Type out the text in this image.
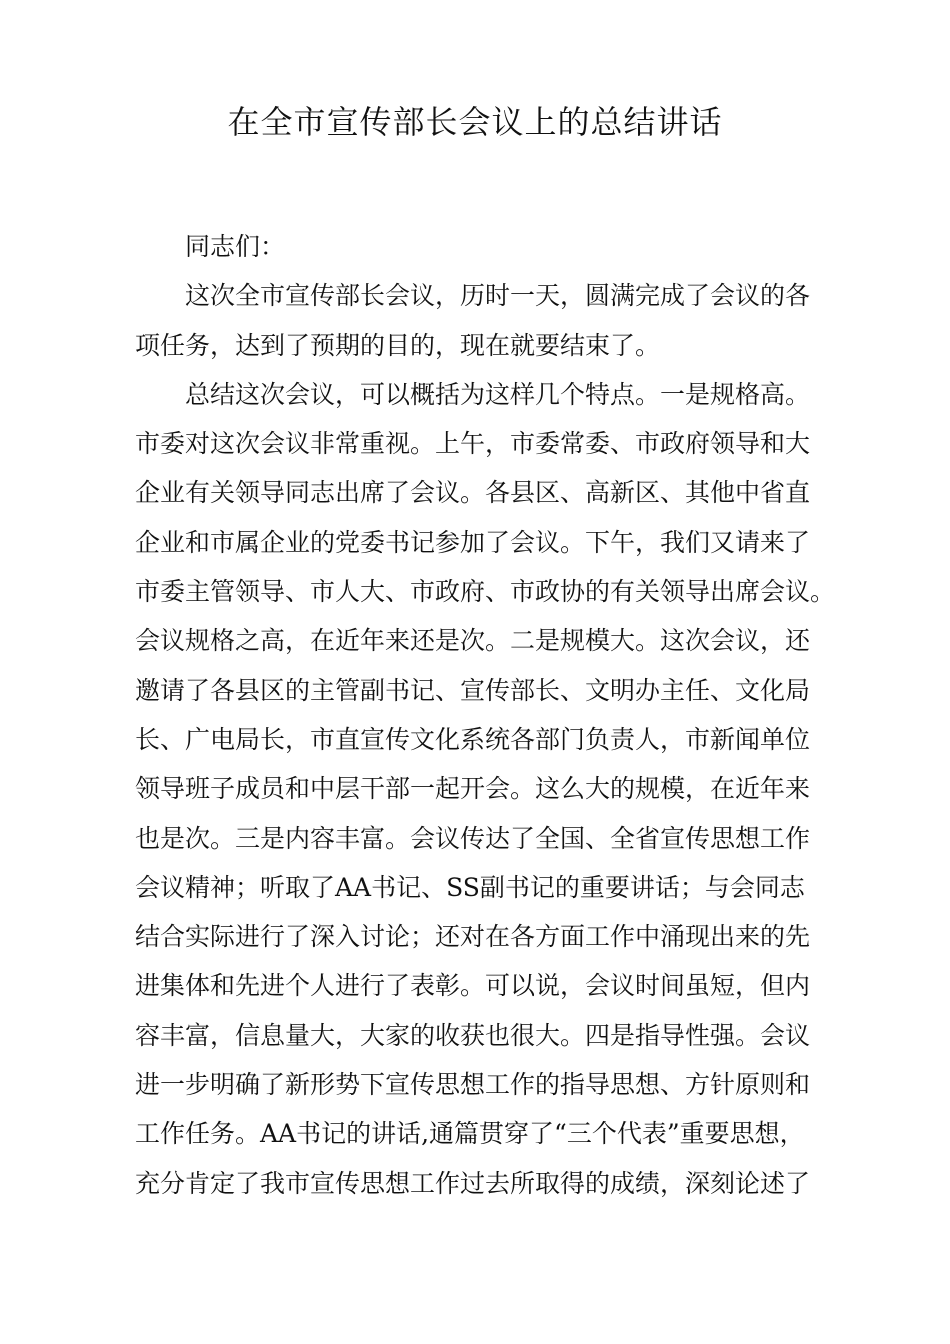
在全市宣传部长会议上的总结讲话
同志们：
这次全市宣传部长会议，历时一天，圆满完成了会议的各
项任务，达到了预期的目的，现在就要结束了。
总结这次会议，可以概括为这样几个特点。一是规格高。
市委对这次会议非常重视。上午，市委常委、市政府领导和大
企业有关领导同志出席了会议。各县区、高新区、其他中省直
企业和市属企业的党委书记参加了会议。下午，我们又请来了
市委主管领导、市人大、市政府、市政协的有关领导出席会议。
会议规格之高，在近年来还是次。二是规模大。这次会议，还
邀请了各县区的主管副书记、宣传部长、文明办主任、文化局
长、广电局长，市直宣传文化系统各部门负责人，市新闻单位
领导班子成员和中层干部一起开会。这么大的规模，在近年来
也是次。三是内容丰富。会议传达了全国、全省宣传思想工作
会议精神；听取了AA书记、SS副书记的重要讲话；与会同志
结合实际进行了深入讨论；还对在各方面工作中涌现出来的先
进集体和先进个人进行了表彰。可以说，会议时间虽短，但内
容丰富，信息量大，大家的收获也很大。四是指导性强。会议
进一步明确了新形势下宣传思想工作的指导思想、方针原则和
工作任务。AA书记的讲话,通篇贯穿了“三个代表”重要思想，
充分肯定了我市宣传思想工作过去所取得的成绩，深刻论述了
